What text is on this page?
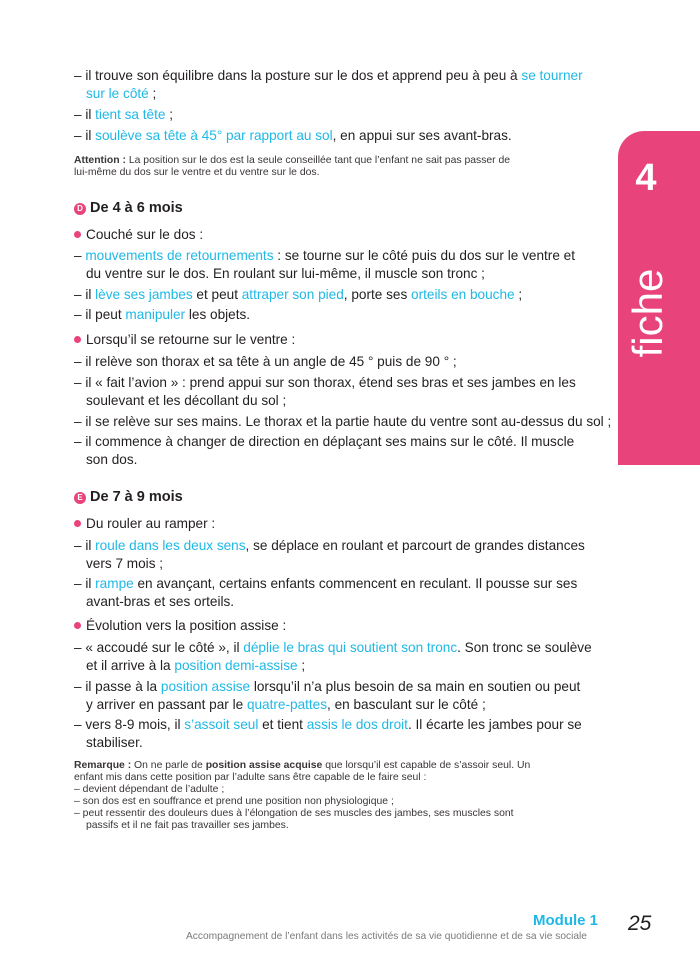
– il trouve son équilibre dans la posture sur le dos et apprend peu à peu à se tourner
sur le côté ;
– il tient sa tête ;
– il soulève sa tête à 45° par rapport au sol, en appui sur ses avant-bras.
Attention : La position sur le dos est la seule conseillée tant que l’enfant ne sait pas passer de
lui-même du dos sur le ventre et du ventre sur le dos.
D De 4 à 6 mois
Couché sur le dos :
– mouvements de retournements : se tourne sur le côté puis du dos sur le ventre et
du ventre sur le dos. En roulant sur lui-même, il muscle son tronc ;
– il lève ses jambes et peut attraper son pied, porte ses orteils en bouche ;
– il peut manipuler les objets.
Lorsqu’il se retourne sur le ventre :
– il relève son thorax et sa tête à un angle de 45 ° puis de 90 ° ;
– il « fait l’avion » : prend appui sur son thorax, étend ses bras et ses jambes en les
soulevant et les décollant du sol ;
– il se relève sur ses mains. Le thorax et la partie haute du ventre sont au-dessus du sol ;
– il commence à changer de direction en déplaçant ses mains sur le côté. Il muscle
son dos.
E De 7 à 9 mois
Du rouler au ramper :
– il roule dans les deux sens, se déplace en roulant et parcourt de grandes distances
vers 7 mois ;
– il rampe en avançant, certains enfants commencent en reculant. Il pousse sur ses
avant-bras et ses orteils.
Évolution vers la position assise :
– « accoudé sur le côté », il déplie le bras qui soutient son tronc. Son tronc se soulève
et il arrive à la position demi-assise ;
– il passe à la position assise lorsqu’il n’a plus besoin de sa main en soutien ou peut
y arriver en passant par le quatre-pattes, en basculant sur le côté ;
– vers 8-9 mois, il s’assoit seul et tient assis le dos droit. Il écarte les jambes pour se
stabiliser.
Remarque : On ne parle de position assise acquise que lorsqu’il est capable de s’assoir seul. Un
enfant mis dans cette position par l’adulte sans être capable de le faire seul :
– devient dépendant de l’adulte ;
– son dos est en souffrance et prend une position non physiologique ;
– peut ressentir des douleurs dues à l’élongation de ses muscles des jambes, ses muscles sont
passifs et il ne fait pas travailler ses jambes.
4
fiche
Module 1 25
Accompagnement de l’enfant dans les activités de sa vie quotidienne et de sa vie sociale
